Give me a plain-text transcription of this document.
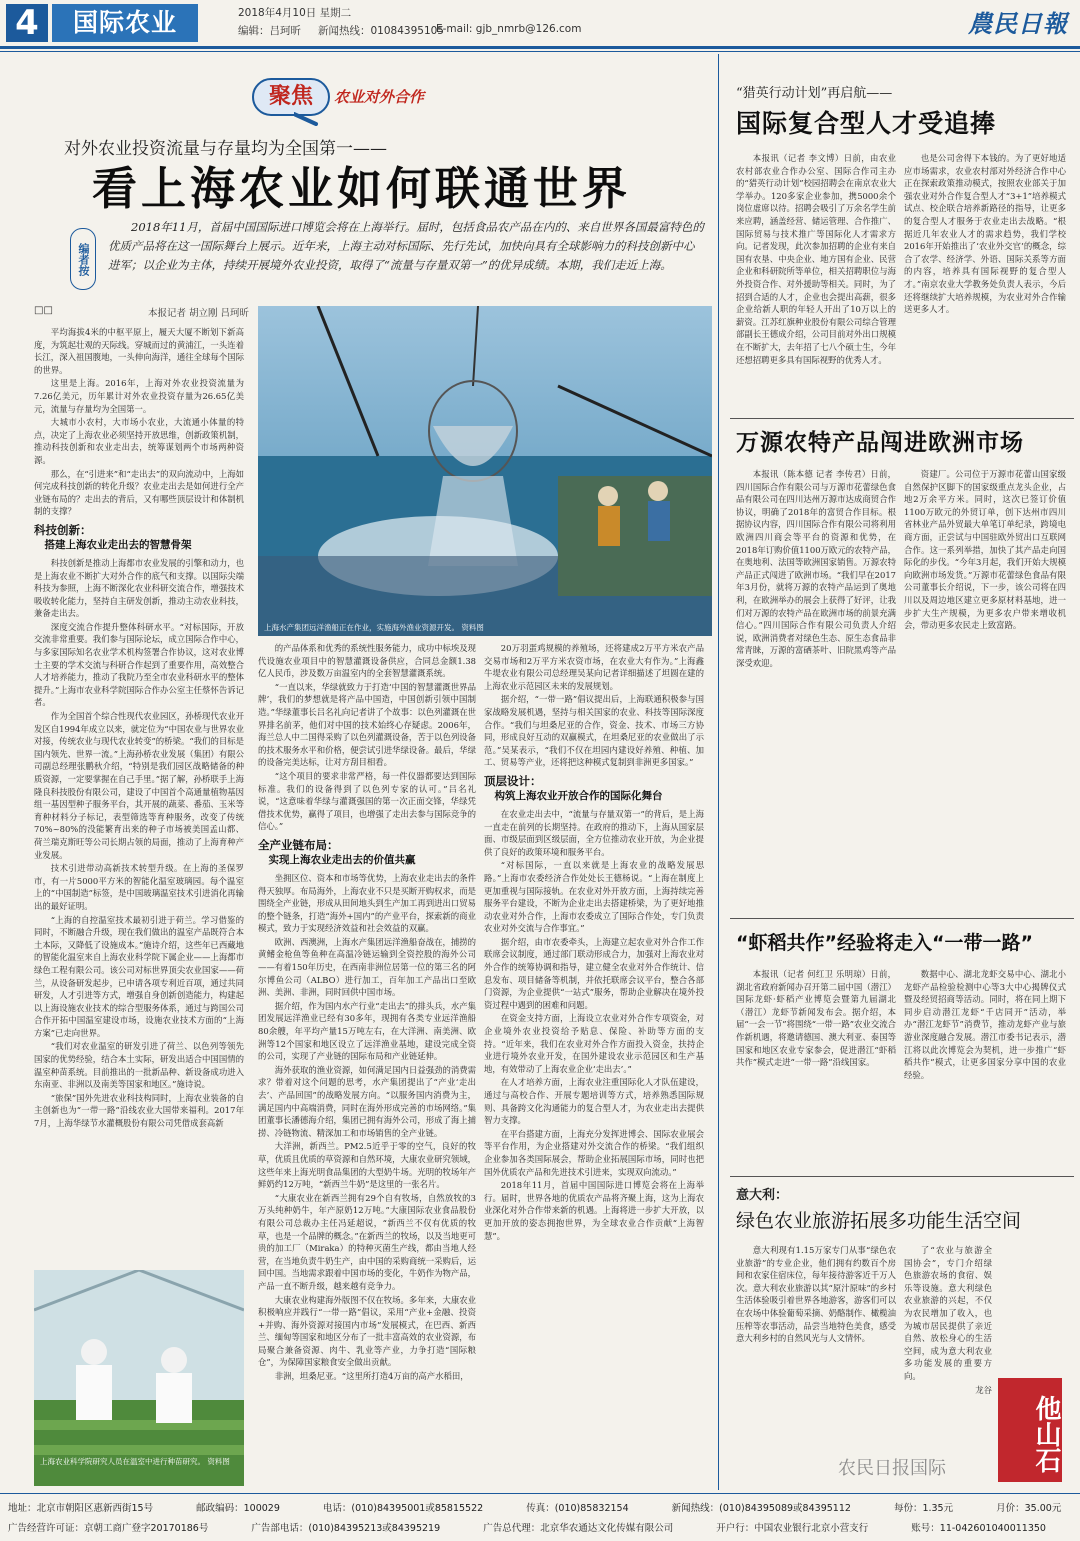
4	国际农业	2018年4月10日 星期二
编辑：吕珂昕 新闻热线：01084395105
E-mail: gjb_nmrb@126.com	農民日報
聚焦	农业对外合作
对外农业投资流量与存量均为全国第一——
看上海农业如何联通世界
编者按
2018年11月，首届中国国际进口博览会将在上海举行。届时，包括食品农产品在内的、来自世界各国最富特色的优质产品将在这一国际舞台上展示。近年来，上海主动对标国际、先行先试，加快向具有全球影响力的科技创新中心进军；以企业为主体，持续开展境外农业投资，取得了“流量与存量双第一”的优异成绩。本期，我们走近上海。
□□	本报记者 胡立刚 吕珂昕

平均海拔4米的中枢平原上，履天大厦不断划下新高度，为筑起壮观的天际线。穿城而过的黄浦江，一头连着长江，深入祖国腹地，一头伸向海洋，通往全球每个国际的世界。

这里是上海。2016年，上海对外农业投资流量为7.26亿美元，历年累计对外农业投资存量为26.65亿美元，流量与存量均为全国第一。

大城市小农村，大市场小农业，大流通小体量的特点，决定了上海农业必须坚持开放思维，创新政策机制，推动科技创新和农业走出去，统筹谋划两个市场两种资源。

那么，在“引进来”和“走出去”的双向流动中，上海如何完成科技创新的转化升级？农业走出去是如何进行全产业链布局的？走出去的背后，又有哪些顶层设计和体制机制的支撑？

科技创新：
搭建上海农业走出去的智慧骨架

科技创新是推动上海都市农业发展的引擎和动力，也是上海农业不断扩大对外合作的底气和支撑。以国际尖端科技为参照，上海不断深化农业科研交流合作，增强技术吸收转化能力，坚持自主研发创新，推动主动农业科技，兼备走出去。

深度交流合作提升整体科研水平。“对标国际，开放交流非常重要。我们参与国际论坛，成立国际合作中心，与多家国际知名农业学术机构签署合作协议，这对农业博士主要的学术交流与科研合作起到了重要作用，高效整合人才培养能力，推动了我院乃至全市农业科研水平的整体提升。”上海市农业科学院国际合作办公室主任蔡怀告诉记者。

作为全国首个综合性现代农业园区，孙桥现代农业开发区自1994年成立以来，就定位为“中国农业与世界农业对接，传统农业与现代农业转变”的桥梁。“我们的目标是国内领先、世界一流。”上海孙桥农业发展（集团）有限公司副总经理张鹏秋介绍，“特别是我们园区战略储备的种质资源，一定要掌握在自己手里。”据了解，孙桥联手上海隆良科技股份有限公司，建设了中国首个高通量植物基因组一基因型种子服务平台，其开展的蔬菜、番茄、玉米等育种材料分子标记，表型筛选等育种服务，改变了传统70%~80%的没能繁育出来的种子市场被美国孟山都、荷兰瑞克斯旺等公司长期占领的局面，推动了上海育种产业发展。

技术引进带动高新技术转型升级。在上海的圣保罗市，有一片5000平方米的智能化温室玻璃园。每个温室上的“中国制造”标签，是中国玻璃温室技术引进消化再输出的最好证明。

“上海的自控温室技术最初引进于荷兰。学习借鉴的同时，不断融合升级，现在我们做出的温室产品既符合本土本际，又降低了设施成本。”施诗介绍，这些年已西藏地的智能化温室来自上海农业科学院下属企业——上海都市绿色工程有限公司。该公司对标世界顶尖农业国家——荷兰，从设备研发起步，已申请各项专利近百项，通过共同研发，人才引进等方式，增强自身创新创造能力，构建起以上海设施农业技术的综合型服务体系，通过与跨国公司合作开拓中国温室建设市场，设施农业技术方面的“上海方案”已走向世界。

“我们对农业温室的研发引进了荷兰、以色列等领先国家的优势经验，结合本土实际，研发出适合中国国情的温室种苗系统。目前推出的一批新品种、新设备成功进入东南亚、非洲以及南美等国家和地区。”施诗说。

“旅保”国外先进农业科技构同时，上海农业装备的自主创新也为“一带一路”沿线农业大国带来福利。2017年7月，上海华绿节水灌概股份有限公司凭借成套高新

上海水产集团远洋渔船正在作业，实施海外渔业资源开发。 资料图

的产品体系和优秀的系统性服务能力，成功中标埃及现代设施农业项目中的智慧灌溉设备供应，合同总金额1.38亿人民币，涉及数万亩温室内的全套智慧灌溉系统。

“一直以来，华绿就致力于打造‘中国的智慧灌溉世界品牌’，我们的梦想就是将产品中国造，中国创新引领中国制造。”华绿董事长吕名礼向记者讲了个故事：以色列灌溉在世界排名前茅，他们对中国的技术始终心存疑虑。2006年，海兰总人中二国得采购了以色列灌溉设备，苦于以色列设备的技术服务水平和价格，便尝试引进华绿设备。最后，华绿的设备完美达标，让对方刮目相看。

“这个项目的要求非常严格，每一件仪器都要达到国际标准。我们的设备得到了以色列专家的认可。”吕名礼说，“这意味着华绿与灌溉强国的第一次正面交锋，华绿凭借技术优势，赢得了项目，也增强了走出去参与国际竞争的信心。”

全产业链布局：
实现上海农业走出去的价值共赢

坐拥区位、资本和市场等优势，上海农业走出去的条件得天独厚。布局海外，上海农业不只是买断开购权求，而是围绕全产业链，形成从田间地头到生产加工再到进出口贸易的整个链条，打造“海外+国内”的产业平台，探索新的商业模式，致力于实现经济效益和社会效益的双赢。

欧洲、西澳洲，上海水产集团远洋渔船奋战在，捕捞的黄鳍金枪鱼等鱼种在高温冷链运输到全资控股的海外公司——有着150年历史，在西南非洲位居第一位的第三名的阿尔博鱼公司（ALBO）进行加工，百年加工产品出口至欧洲、美洲、非洲，同时回供中国市场。

据介绍，作为国内水产行业“走出去”的排头兵，水产集团发展远洋渔业已经有30多年，现拥有各类专业远洋渔船80余艘，年平均产量15万吨左右，在大洋洲、南美洲、欧洲等12个国家和地区设立了远洋渔业基地，建设完成全资的公司，实现了产业链的国际布局和产业链延伸。

海外获取的渔业资源，如何满足国内日益强劲的消费需求？带着对这个问题的思考，水产集团提出了“产业‘走出去’、产品回国”的战略发展方向。“以服务国内消费为主，满足国内中高端消费，同时在海外形成完善的市场网络。”集团董事长潘德海介绍，集团已拥有海外公司，形成了海上捕捞、冷链物流、精深加工和市场销售的全产业链。

大洋洲，新西兰。PM2.5近乎于零的空气，良好的牧草，优质且优质的草资源和自然环境，大康农业研究领域，这些年来上海光明食品集团的大型奶牛场。光明的牧场年产鲜奶约12万吨，“新西兰牛奶”是这里的一张名片。

“大康农业在新西兰拥有29个自有牧场，自然放牧的3万头纯种奶牛，年产原奶12万吨。”大康国际农业食品股份有限公司总裁办主任冯延超说，“新西兰不仅有优质的牧草，也是一个品牌的概念。”在新西兰的牧场，以及当地更可贵的加工厂（Miraka）的特种灭菌生产线，都由当地人经营，在当地负责牛奶生产，由中国的采购商统一采购后，运回中国。当地需求跟着中国市场的变化，牛奶作为物产品，产品一直不断升级，越来越有竞争力。

大康农业构建海外版图不仅在牧场。多年来，大康农业积极响应并践行“一带一路”倡议，采用“产业+金融、投资+并购、海外资源对接国内市场”发展模式，在巴西、新西兰、缅甸等国家和地区分布了一批丰富高效的农业资源，布局聚合兼备资源、肉牛、乳业等产业，力争打造“国际粮仓”，为保障国家粮食安全做出贡献。

非洲，坦桑尼亚。“这里所打造4万亩的高产水稻田，

20万羽蛋鸡规模的养殖场，还将建成2万平方米农产品交易市场和2万平方米农资市场，在农业大有作为。”上海鑫牛堤农业有限公司总经理吴某向记者详细描述了坦圆在建的上海农业示范园区未来的发展规划。

据介绍，“一带一路”倡议提出后，上海联通积极参与国家战略发展机遇，坚持与相关国家的农业、科技等国际深度合作。“我们与坦桑尼亚的合作，资金、技术、市场三方协同，形成良好互动的双赢模式，在坦桑尼亚的农业做出了示范。”吴某表示，“我们不仅在坦园内建设好养殖、种植、加工、贸易等产业，还将把这种模式复制到非洲更多国家。”

顶层设计：
构筑上海农业开放合作的国际化舞台

在农业走出去中，“流量与存量双第一”的背后，是上海一直走在前列的长期坚持。在政府的推动下，上海从国家层面、市级层面到区级层面，全方位推动农业开放，为企业提供了良好的政策环境和服务平台。

“对标国际，一直以来就是上海农业的战略发展思路。”上海市农委经济合作处处长王德杨说。“上海在制度上更加重视与国际接轨。在农业对外开放方面，上海持续完善服务平台建设，不断为企业走出去搭建桥梁，为了更好地推动农业对外合作，上海市农委成立了国际合作处，专门负责农业对外交流与合作事宜。”

据介绍，由市农委牵头，上海建立起农业对外合作工作联席会议制度，通过部门联动形成合力，加强对上海农业对外合作的统筹协调和指导，建立健全农业对外合作统计、信息发布、项目储备等机制，并依托联席会议平台，整合各部门资源，为企业提供“一站式”服务，帮助企业解决在境外投资过程中遇到的困难和问题。

在资金支持方面，上海设立农业对外合作专项资金，对企业境外农业投资给予贴息、保险、补助等方面的支持。“近年来，我们在农业对外合作方面投入资金，扶持企业进行境外农业开发，在国外建设农业示范园区和生产基地，有效带动了上海农业企业‘走出去’。”

在人才培养方面，上海农业注重国际化人才队伍建设，通过与高校合作、开展专题培训等方式，培养熟悉国际规则、具备跨文化沟通能力的复合型人才，为农业走出去提供智力支撑。

在平台搭建方面，上海充分发挥进博会、国际农业展会等平台作用，为企业搭建对外交流合作的桥梁。“我们组织企业参加各类国际展会，帮助企业拓展国际市场，同时也把国外优质农产品和先进技术引进来，实现双向流动。”

2018年11月，首届中国国际进口博览会将在上海举行。届时，世界各地的优质农产品将齐聚上海，这为上海农业深化对外合作带来新的机遇。上海将进一步扩大开放，以更加开放的姿态拥抱世界，为全球农业合作贡献“上海智慧”。

上海农业科学院研究人员在温室中进行种苗研究。 资料图
“猎英行动计划”再启航——
国际复合型人才受追捧

本报讯（记者 李文博）日前，由农业农村部农业合作办公室、国际合作司主办的“猎英行动计划”校园招聘会在南京农业大学举办。120多家企业参加，携5000余个岗位虚席以待。招聘会吸引了万余名学生前来应聘，涵盖经营、储运管理、合作推广、国际贸易与技术推广等国际化人才需求方向。记者发现，此次参加招聘的企业有来自国有农垦、中央企业、地方国有企业、民营企业和科研院所等单位，相关招聘职位与海外投资合作、对外援助等相关。同时，为了招到合适的人才，企业也会提出高薪，很多企业给新人职的年轻人开出了10万以上的薪资。江苏红旗种业股份有限公司综合管理部副长王德成介绍，公司目前对外出口规模在不断扩大，去年招了七八个硕士生，今年还想招聘更多具有国际视野的优秀人才。

也是公司舍得下本钱的。为了更好地适应市场需求，农业农村部对外经济合作中心正在探索政策推动模式，按照农业部关于加强农业对外合作复合型人才“3+1”培养模式试点、校企联合培养新路径的指导，让更多的复合型人才服务于农业走出去战略。“根据近几年农业人才的需求趋势，我们学校2016年开始推出了‘农业外交官’的概念，综合了农学、经济学、外语、国际关系等方面的内容，培养具有国际视野的复合型人才。”南京农业大学教务处负责人表示，今后还将继续扩大培养规模，为农业对外合作输送更多人才。

万源农特产品闯进欧洲市场

本报讯（陈本德 记者 李传君）日前，四川国际合作有限公司与万源市花蕾绿色食品有限公司在四川达州万源市达成商贸合作协议，明确了2018年的富贸合作目标。根据协议内容，四川国际合作有限公司将利用欧洲四川商会等平台的资源和优势，在2018年订购价值1100万欧元的农特产品，在奥地利、法国等欧洲国家销售。万源农特产品正式闯进了欧洲市场。“我们早在2017年3月份，就将万源的农特产品运到了奥地利，在欧洲举办的展会上获得了好评，让我们对万源的农特产品在欧洲市场的前景充满信心。”四川国际合作有限公司负责人介绍说，欧洲消费者对绿色生态、原生态食品非常青睐，万源的富硒茶叶、旧院黑鸡等产品深受欢迎。

资建厂。公司位于万源市花蕾山国家级自然保护区脚下的国家级重点龙头企业，占地2万余平方米。同时，这次已签订价值1100万欧元的外贸订单，创下达州市四川省林业产品外贸最大单笔订单纪录，跨境电商方面，正尝试与中国驻欧外贸出口互联网合作。这一系列举措，加快了其产品走向国际化的步伐。“今年3月起，我们开始大规模向欧洲市场发货。”万源市花蕾绿色食品有限公司董事长介绍说，下一步，该公司将在四川以及周边地区建立更多原材料基地，进一步扩大生产规模，为更多农户带来增收机会，带动更多农民走上致富路。

“虾稻共作”经验将走入“一带一路”

本报讯（记者 何红卫 乐明琼）日前，湖北省政府新闻办召开第二届中国（潜江）国际龙虾·虾稻产业博览会暨第九届湖北（潜江）龙虾节新闻发布会。据介绍，本届“一会一节”将围绕“一带一路”农业交流合作新机遇，将邀请德国、澳大利亚、泰国等国家和地区农业专家参会，促进潜江“虾稻共作”模式走进“一带一路”沿线国家。

数据中心、湖北龙虾交易中心、湖北小龙虾产品检验检测中心等3大中心揭牌仪式暨及经贸招商等活动。同时，将在同上期下同步启动潜江龙虾“千店同开”活动，举办“潜江龙虾节”消费节，推动龙虾产业与旅游业深度融合发展。潜江市委书记表示，潜江将以此次博览会为契机，进一步推广“虾稻共作”模式，让更多国家分享中国的农业经验。

意大利：
绿色农业旅游拓展多功能生活空间

意大利现有1.15万家专门从事“绿色农业旅游”的专业企业，他们拥有约数百个房间和农家住宿床位，每年接待游客近千万人次。意大利农业旅游以其“原汁原味”的乡村生活体验吸引着世界各地游客，游客们可以在农场中体验葡萄采摘、奶酪制作、橄榄油压榨等农事活动，品尝当地特色美食，感受意大利乡村的自然风光与人文情怀。

了“农业与旅游全国协会”，专门介绍绿色旅游农场的食宿、娱乐等设施。意大利绿色农业旅游的兴起，不仅为农民增加了收入，也为城市居民提供了亲近自然、放松身心的生活空间，成为意大利农业多功能发展的重要方向。

龙谷

他山石
农民日报国际
地址：北京市朝阳区惠新西街15号	邮政编码：100029	电话：(010)84395001或85815522	传真：(010)85832154	新闻热线：(010)84395089或84395112	每份：1.35元	月价：35.00元
广告经营许可证：京朝工商广登字20170186号	广告部电话：(010)84395213或84395219	广告总代理：北京华农通达文化传媒有限公司	开户行：中国农业银行北京小营支行	账号：11-042601040011350
